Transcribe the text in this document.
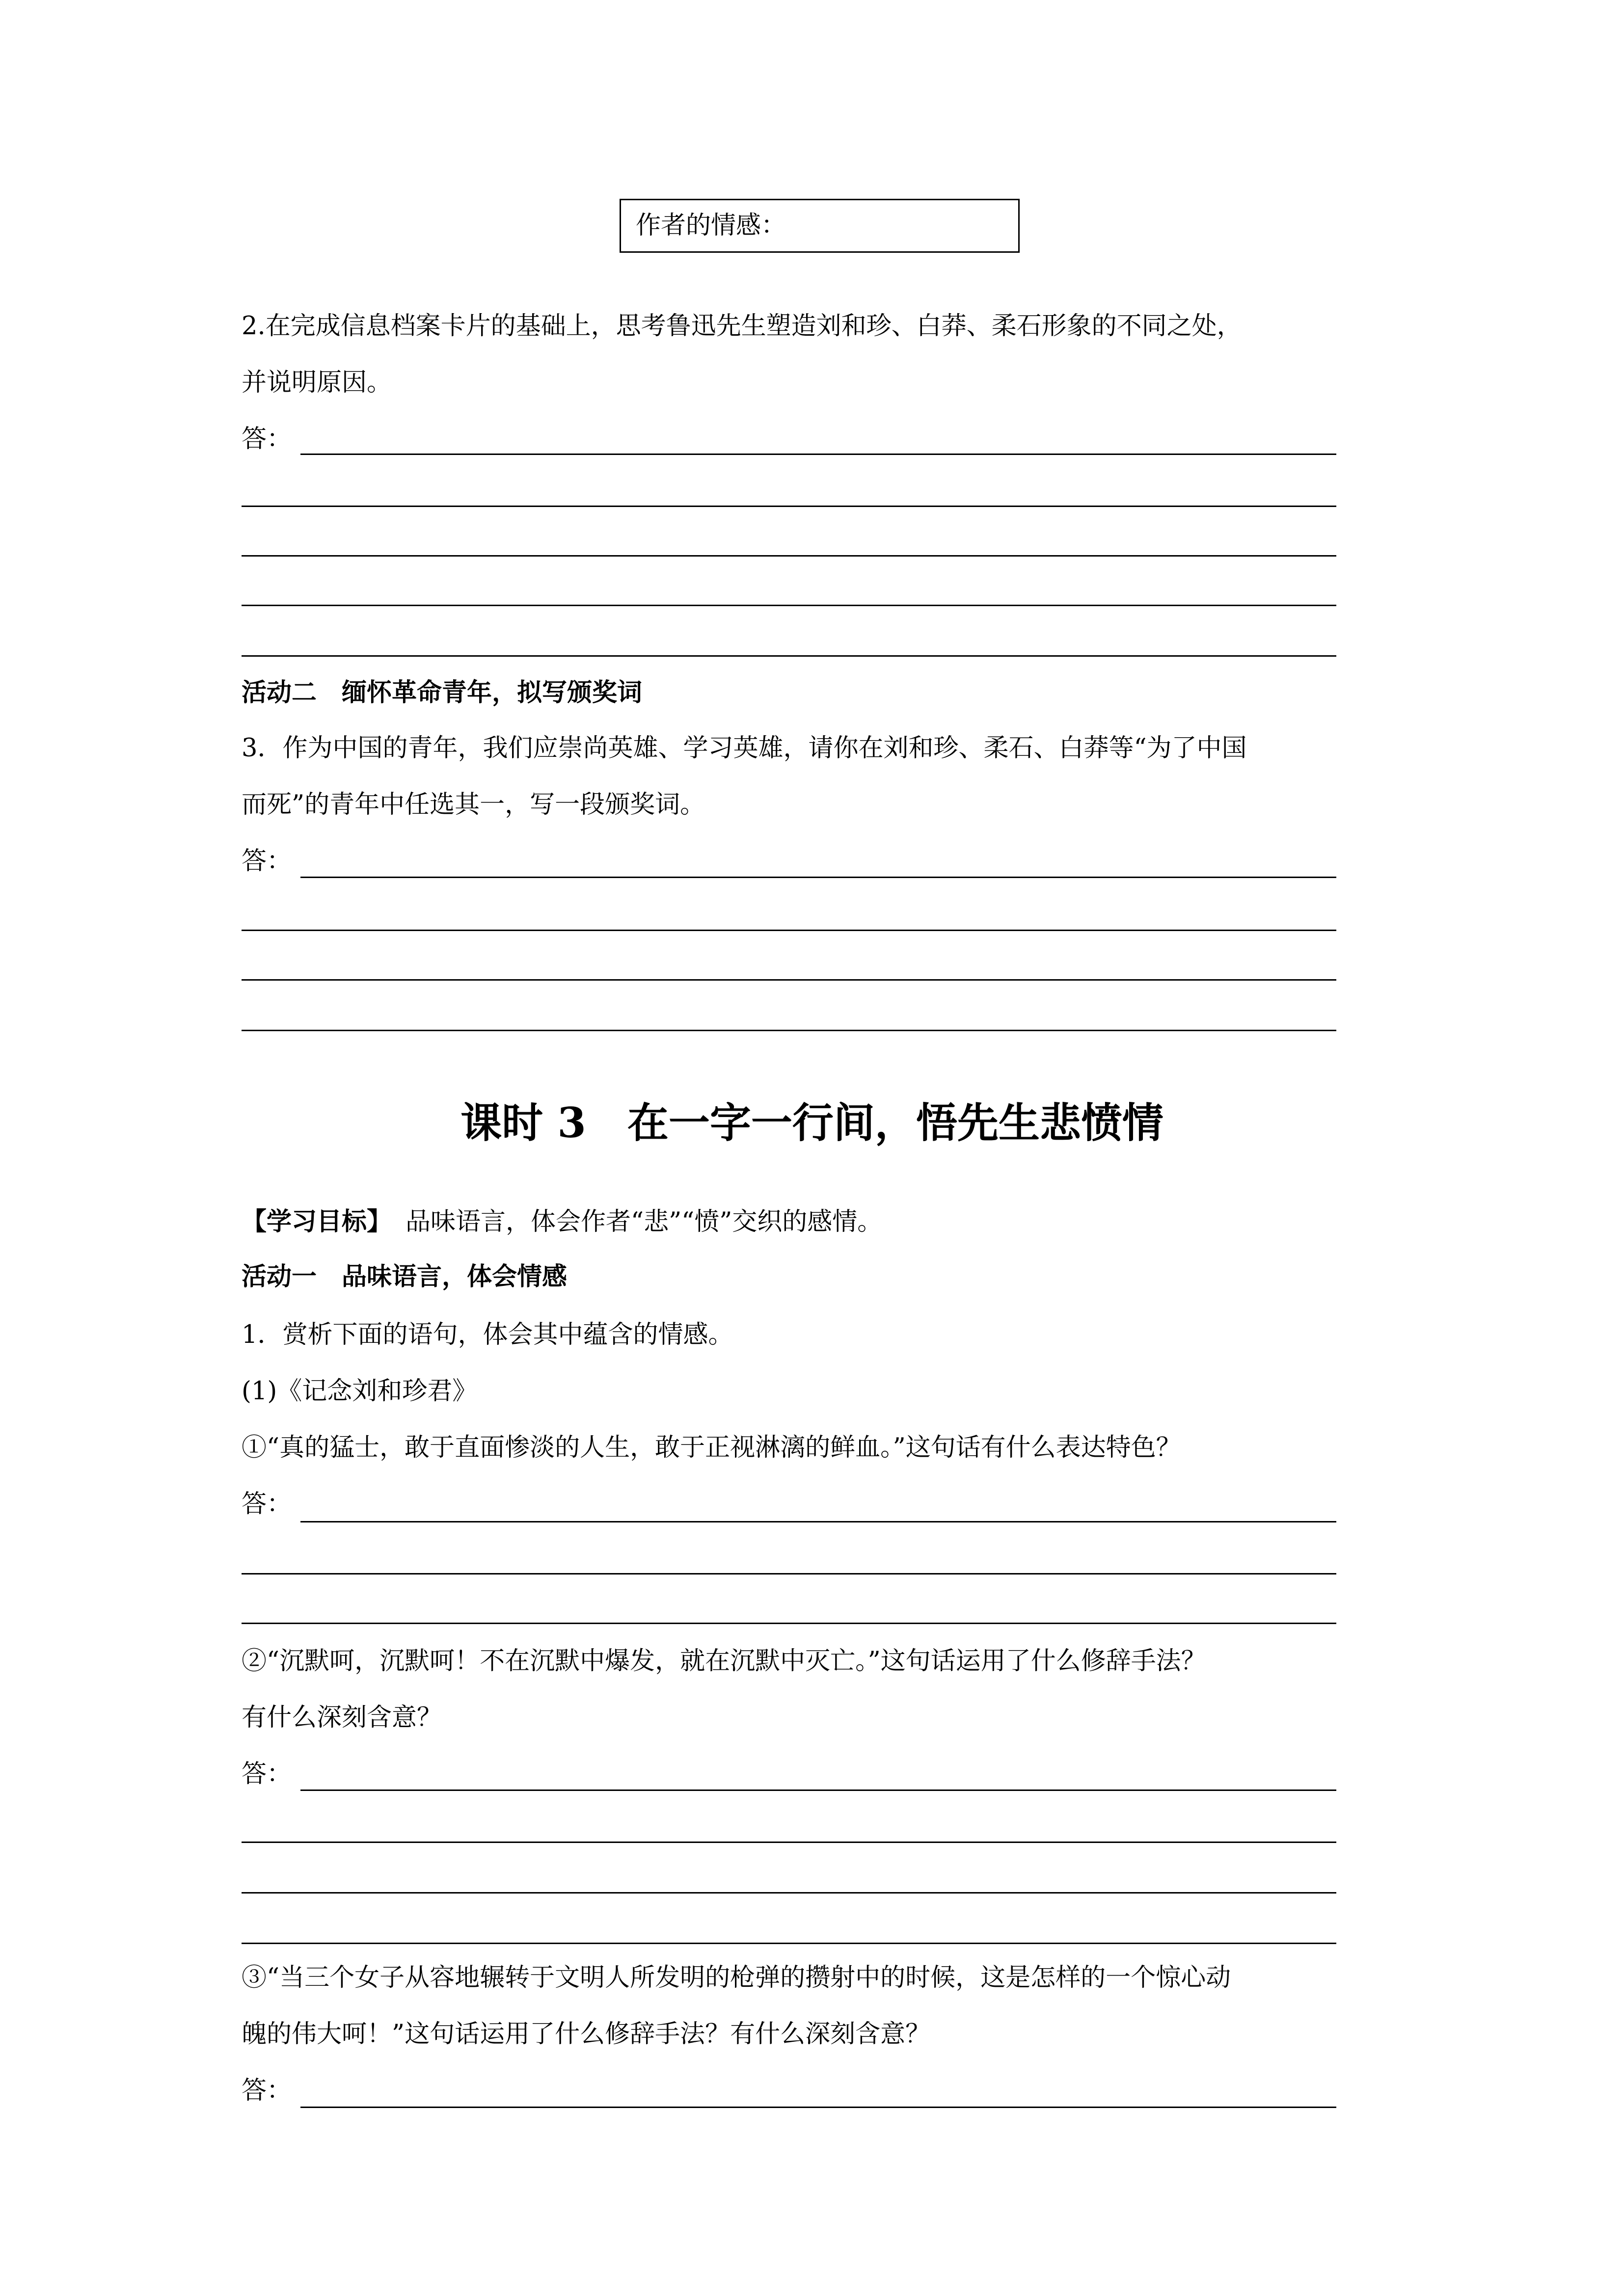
作者的情感：
2.在完成信息档案卡片的基础上，思考鲁迅先生塑造刘和珍、白莽、柔石形象的不同之处，
并说明原因。
答：
活动二　缅怀革命青年，拟写颁奖词
3．作为中国的青年，我们应崇尚英雄、学习英雄，请你在刘和珍、柔石、白莽等“为了中国
而死”的青年中任选其一，写一段颁奖词。
答：
课时 3　在一字一行间，悟先生悲愤情
【学习目标】 品味语言，体会作者“悲”“愤”交织的感情。
活动一　品味语言，体会情感
1．赏析下面的语句，体会其中蕴含的情感。
(1)《记念刘和珍君》
①“真的猛士，敢于直面惨淡的人生，敢于正视淋漓的鲜血。”这句话有什么表达特色？
答：
②“沉默呵，沉默呵！不在沉默中爆发，就在沉默中灭亡。”这句话运用了什么修辞手法？
有什么深刻含意？
答：
③“当三个女子从容地辗转于文明人所发明的枪弹的攒射中的时候，这是怎样的一个惊心动
魄的伟大呵！”这句话运用了什么修辞手法？有什么深刻含意？
答：
